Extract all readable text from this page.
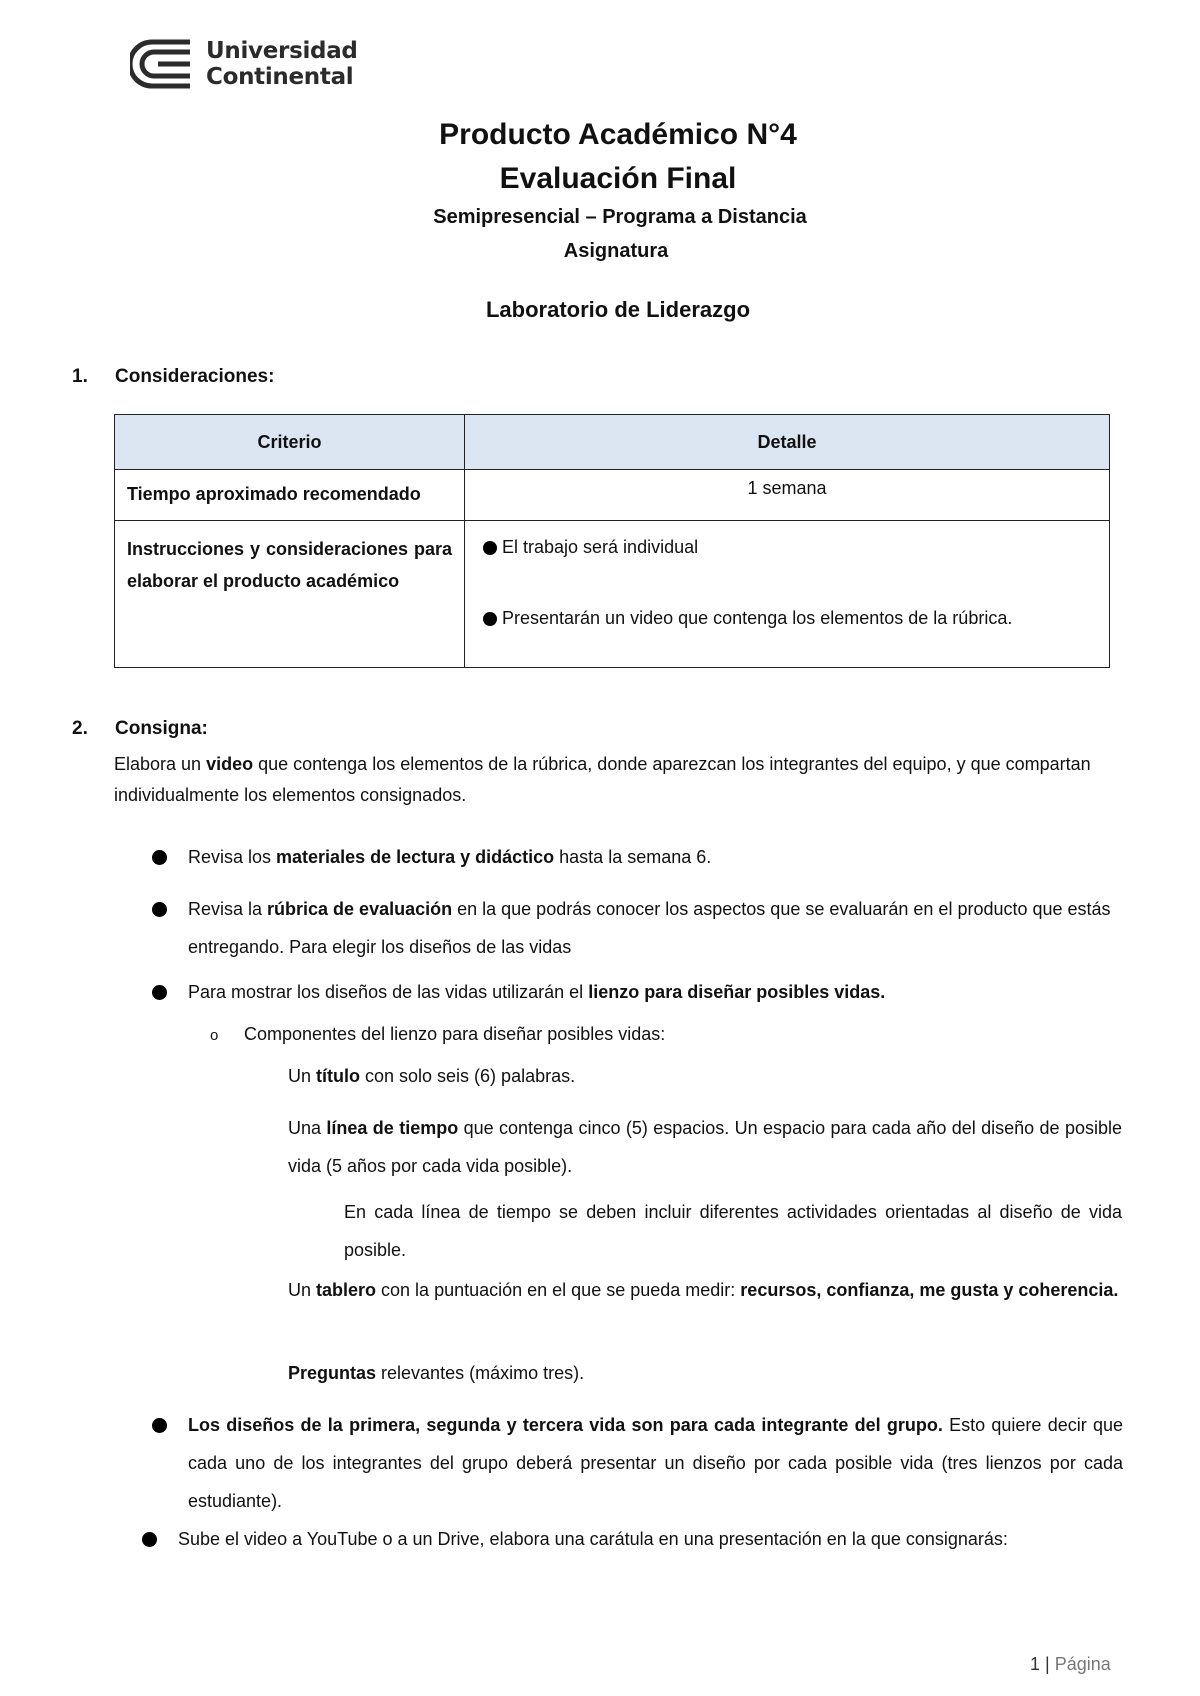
Universidad
Continental
Producto Académico N°4
Evaluación Final
Semipresencial – Programa a Distancia
Asignatura
Laboratorio de Liderazgo
1. Consideraciones:
Criterio	Detalle
Tiempo aproximado recomendado	1 semana
Instrucciones y consideraciones para elaborar el producto académico	El trabajo será individual
Presentarán un video que contenga los elementos de la rúbrica.
2. Consigna:
Elabora un video que contenga los elementos de la rúbrica, donde aparezcan los integrantes del equipo, y que compartan individualmente los elementos consignados.
Revisa los materiales de lectura y didáctico hasta la semana 6.
Revisa la rúbrica de evaluación en la que podrás conocer los aspectos que se evaluarán en el producto que estás entregando. Para elegir los diseños de las vidas
Para mostrar los diseños de las vidas utilizarán el lienzo para diseñar posibles vidas.
o Componentes del lienzo para diseñar posibles vidas:
Un título con solo seis (6) palabras.
Una línea de tiempo que contenga cinco (5) espacios. Un espacio para cada año del diseño de posible vida (5 años por cada vida posible).
En cada línea de tiempo se deben incluir diferentes actividades orientadas al diseño de vida posible.
Un tablero con la puntuación en el que se pueda medir: recursos, confianza, me gusta y coherencia.
Preguntas relevantes (máximo tres).
Los diseños de la primera, segunda y tercera vida son para cada integrante del grupo. Esto quiere decir que cada uno de los integrantes del grupo deberá presentar un diseño por cada posible vida (tres lienzos por cada estudiante).
Sube el video a YouTube o a un Drive, elabora una carátula en una presentación en la que consignarás:
1 | Página
